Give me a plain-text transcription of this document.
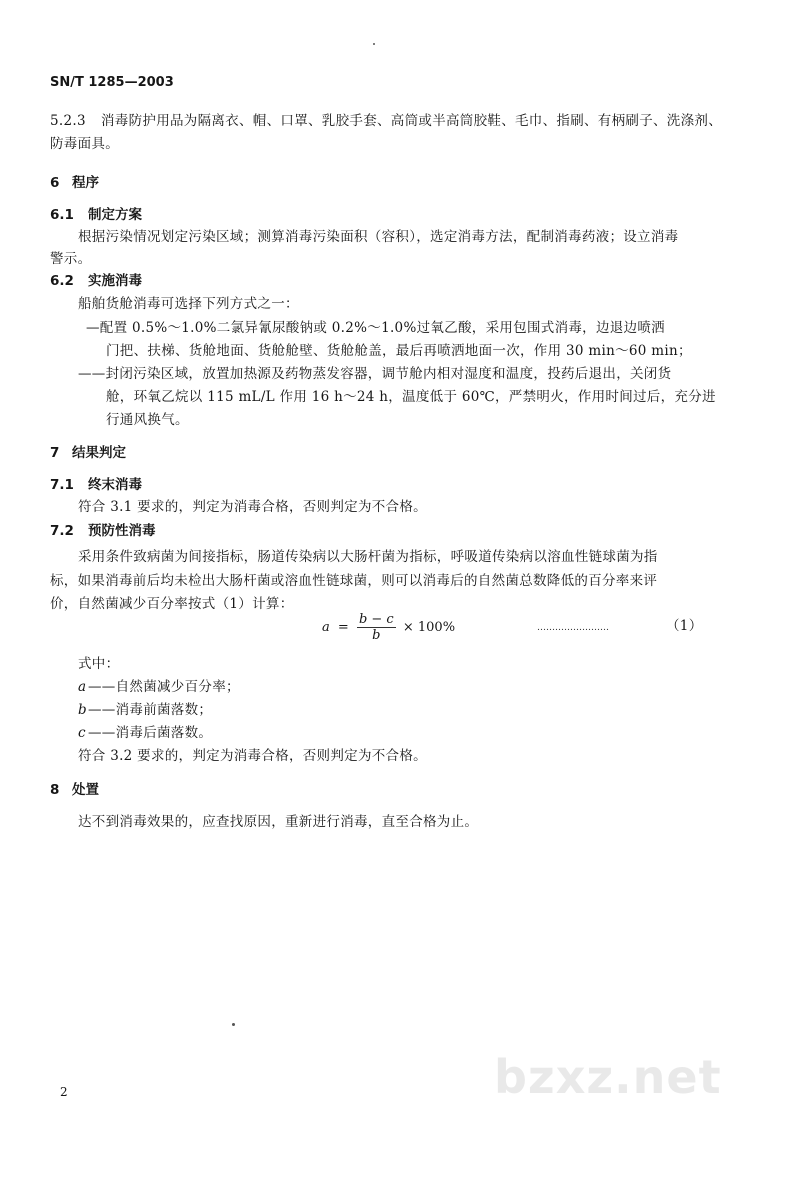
SN/T 1285—2003
5.2.3 消毒防护用品为隔离衣、帽、口罩、乳胶手套、高筒或半高筒胶鞋、毛巾、指刷、有柄刷子、洗涤剂、
防毒面具。
6 程序
6.1 制定方案
根据污染情况划定污染区域；测算消毒污染面积（容积），选定消毒方法，配制消毒药液；设立消毒
警示。
6.2 实施消毒
船舶货舱消毒可选择下列方式之一：
—配置 0.5%～1.0%二氯异氰尿酸钠或 0.2%～1.0%过氧乙酸，采用包围式消毒，边退边喷洒
门把、扶梯、货舱地面、货舱舱壁、货舱舱盖，最后再喷洒地面一次，作用 30 min～60 min；
——封闭污染区域，放置加热源及药物蒸发容器，调节舱内相对湿度和温度，投药后退出，关闭货
舱，环氧乙烷以 115 mL/L 作用 16 h～24 h，温度低于 60℃，严禁明火，作用时间过后，充分进
行通风换气。
7 结果判定
7.1 终末消毒
符合 3.1 要求的，判定为消毒合格，否则判定为不合格。
7.2 预防性消毒
采用条件致病菌为间接指标，肠道传染病以大肠杆菌为指标，呼吸道传染病以溶血性链球菌为指
标，如果消毒前后均未检出大肠杆菌或溶血性链球菌，则可以消毒后的自然菌总数降低的百分率来评
价，自然菌减少百分率按式（1）计算：
$a = \frac{b - c}{b} \times 100\%$	……………………	（1）
式中：
a ——自然菌减少百分率；
b ——消毒前菌落数；
c ——消毒后菌落数。
符合 3.2 要求的，判定为消毒合格，否则判定为不合格。
8 处置
达不到消毒效果的，应查找原因，重新进行消毒，直至合格为止。
bzxz.net
2
